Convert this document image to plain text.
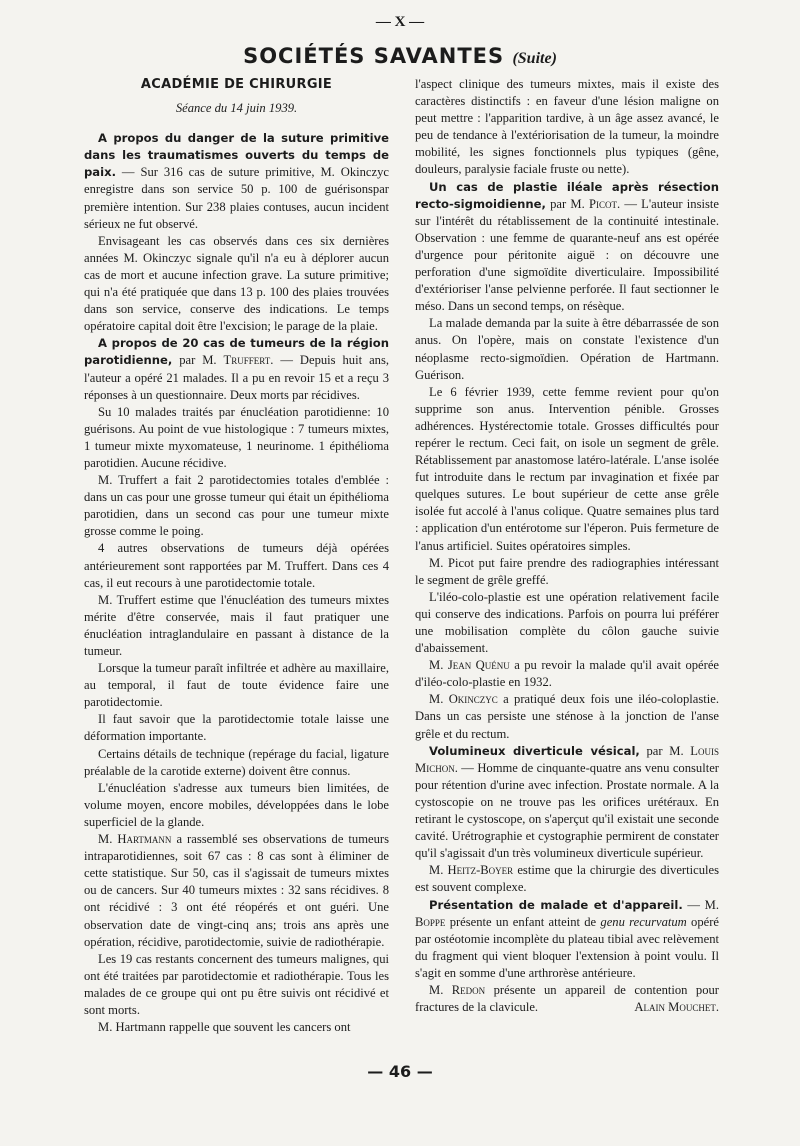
— X —
SOCIÉTÉS SAVANTES (Suite)
ACADÉMIE DE CHIRURGIE
Séance du 14 juin 1939.

A propos du danger de la suture primitive dans les traumatismes ouverts du temps de paix. — Sur 316 cas de suture primitive, M. Okinczyc enregistre dans son service 50 p. 100 de guérisonspar première intention. Sur 238 plaies contuses, aucun incident sérieux ne fut observé.

Envisageant les cas observés dans ces six dernières années M. Okinczyc signale qu'il n'a eu à déplorer aucun cas de mort et aucune infection grave. La suture primitive; qui n'a été pratiquée que dans 13 p. 100 des plaies trouvées dans son service, conserve des indications. Le temps opératoire capital doit être l'excision; le parage de la plaie.

A propos de 20 cas de tumeurs de la région parotidienne, par M. Truffert. — Depuis huit ans, l'auteur a opéré 21 malades. Il a pu en revoir 15 et a reçu 3 réponses à un questionnaire. Deux morts par récidives.

Su 10 malades traités par énucléation parotidienne: 10 guérisons. Au point de vue histologique : 7 tumeurs mixtes, 1 tumeur mixte myxomateuse, 1 neurinome. 1 épithélioma parotidien. Aucune récidive.

M. Truffert a fait 2 parotidectomies totales d'emblée : dans un cas pour une grosse tumeur qui était un épithélioma parotidien, dans un second cas pour une tumeur mixte grosse comme le poing.

4 autres observations de tumeurs déjà opérées antérieurement sont rapportées par M. Truffert. Dans ces 4 cas, il eut recours à une parotidectomie totale.

M. Truffert estime que l'énucléation des tumeurs mixtes mérite d'être conservée, mais il faut pratiquer une énucléation intraglandulaire en passant à distance de la tumeur.

Lorsque la tumeur paraît infiltrée et adhère au maxillaire, au temporal, il faut de toute évidence faire une parotidectomie.

Il faut savoir que la parotidectomie totale laisse une déformation importante.

Certains détails de technique (repérage du facial, ligature préalable de la carotide externe) doivent être connus.

L'énucléation s'adresse aux tumeurs bien limitées, de volume moyen, encore mobiles, développées dans le lobe superficiel de la glande.

M. Hartmann a rassemblé ses observations de tumeurs intraparotidiennes, soit 67 cas : 8 cas sont à éliminer de cette statistique. Sur 50, cas il s'agissait de tumeurs mixtes ou de cancers. Sur 40 tumeurs mixtes : 32 sans récidives. 8 ont récidivé : 3 ont été réopérés et ont guéri. Une observation date de vingt-cinq ans; trois ans après une opération, récidive, parotidectomie, suivie de radiothérapie.

Les 19 cas restants concernent des tumeurs malignes, qui ont été traitées par parotidectomie et radiothérapie. Tous les malades de ce groupe qui ont pu être suivis ont récidivé et sont morts.

M. Hartmann rappelle que souvent les cancers ont

l'aspect clinique des tumeurs mixtes, mais il existe des caractères distinctifs : en faveur d'une lésion maligne on peut mettre : l'apparition tardive, à un âge assez avancé, le peu de tendance à l'extériorisation de la tumeur, la moindre mobilité, les signes fonctionnels plus typiques (gêne, douleurs, paralysie faciale fruste ou nette).

Un cas de plastie iléale après résection recto-sigmoidienne, par M. Picot. — L'auteur insiste sur l'intérêt du rétablissement de la continuité intestinale. Observation : une femme de quarante-neuf ans est opérée d'urgence pour péritonite aiguë : on découvre une perforation d'une sigmoïdite diverticulaire. Impossibilité d'extérioriser l'anse pelvienne perforée. Il faut sectionner le méso. Dans un second temps, on résèque.

La malade demanda par la suite à être débarrassée de son anus. On l'opère, mais on constate l'existence d'un néoplasme recto-sigmoïdien. Opération de Hartmann. Guérison.

Le 6 février 1939, cette femme revient pour qu'on supprime son anus. Intervention pénible. Grosses adhérences. Hystérectomie totale. Grosses difficultés pour repérer le rectum. Ceci fait, on isole un segment de grêle. Rétablissement par anastomose latéro-latérale. L'anse isolée fut introduite dans le rectum par invagination et fixée par quelques sutures. Le bout supérieur de cette anse grêle isolée fut accolé à l'anus colique. Quatre semaines plus tard : application d'un entérotome sur l'éperon. Puis fermeture de l'anus artificiel. Suites opératoires simples.

M. Picot put faire prendre des radiographies intéressant le segment de grêle greffé.

L'iléo-colo-plastie est une opération relativement facile qui conserve des indications. Parfois on pourra lui préférer une mobilisation complète du côlon gauche suivie d'abaissement.

M. Jean Quénu a pu revoir la malade qu'il avait opérée d'iléo-colo-plastie en 1932.

M. Okinczyc a pratiqué deux fois une iléo-coloplastie. Dans un cas persiste une sténose à la jonction de l'anse grêle et du rectum.

Volumineux diverticule vésical, par M. Louis Michon. — Homme de cinquante-quatre ans venu consulter pour rétention d'urine avec infection. Prostate normale. A la cystoscopie on ne trouve pas les orifices urétéraux. En retirant le cystoscope, on s'aperçut qu'il existait une seconde cavité. Urétrographie et cystographie permirent de constater qu'il s'agissait d'un très volumineux diverticule supérieur.

M. Heitz-Boyer estime que la chirurgie des diverticules est souvent complexe.

Présentation de malade et d'appareil. — M. Boppe présente un enfant atteint de genu recurvatum opéré par ostéotomie incomplète du plateau tibial avec relèvement du fragment qui vient bloquer l'extension à point voulu. Il s'agit en somme d'une arthrorèse antérieure.

M. Redon présente un appareil de contention pour fractures de la clavicule.	Alain Mouchet.

— 46 —
